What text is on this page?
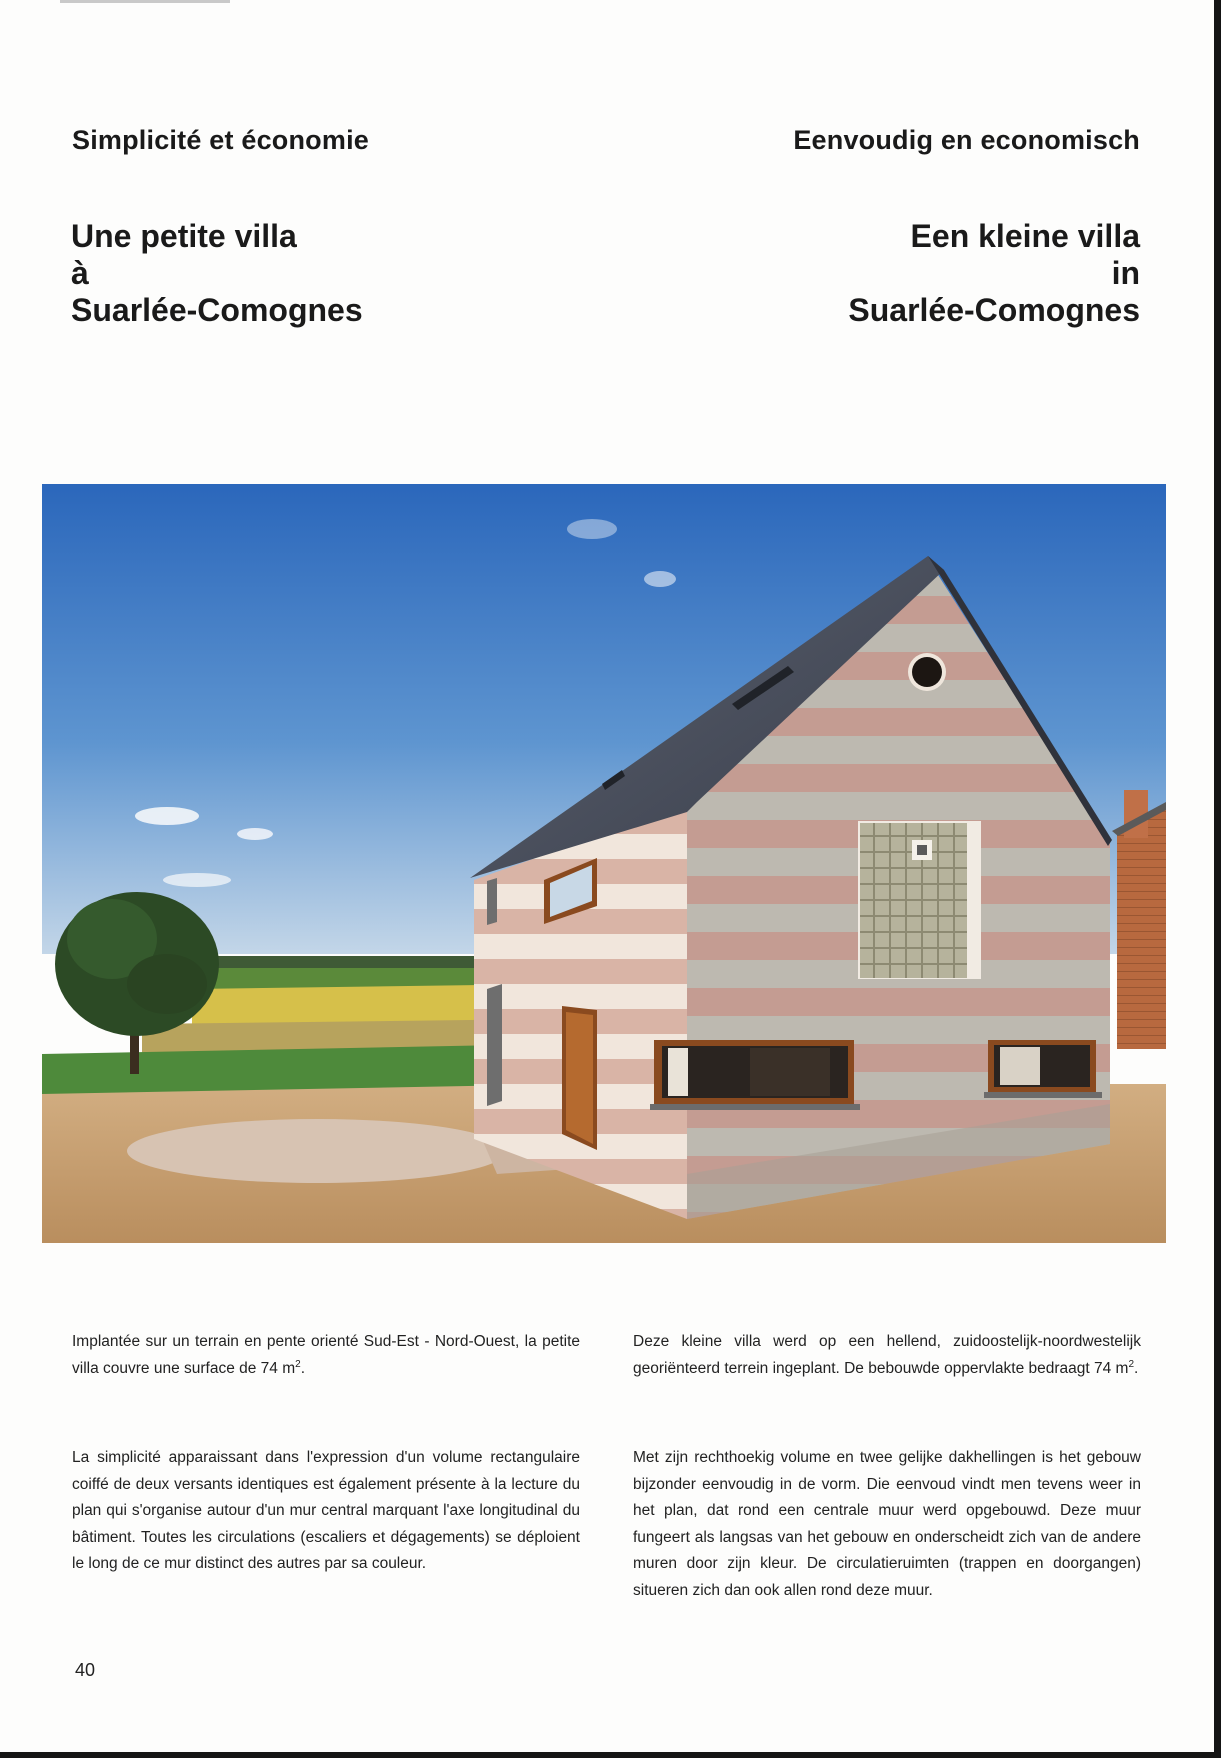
Simplicité et économie	Eenvoudig en economisch
Une petite villa
à
Suarlée-Comognes
Een kleine villa
in
Suarlée-Comognes

Implantée sur un terrain en pente orienté Sud-Est - Nord-Ouest, la petite villa couvre une surface de 74 $m^2$.

Deze kleine villa werd op een hellend, zuidoostelijk-noordwestelijk georiënteerd terrein ingeplant. De bebouwde oppervlakte bedraagt 74 $m^2$.

La simplicité apparaissant dans l'expression d'un volume rectangulaire coiffé de deux versants identiques est également présente à la lecture du plan qui s'organise autour d'un mur central marquant l'axe longitudinal du bâtiment. Toutes les circulations (escaliers et dégagements) se déploient le long de ce mur distinct des autres par sa couleur.

Met zijn rechthoekig volume en twee gelijke dakhellingen is het gebouw bijzonder eenvoudig in de vorm. Die eenvoud vindt men tevens weer in het plan, dat rond een centrale muur werd opgebouwd. Deze muur fungeert als langsas van het gebouw en onderscheidt zich van de andere muren door zijn kleur. De circulatieruimten (trappen en doorgangen) situeren zich dan ook allen rond deze muur.

40
